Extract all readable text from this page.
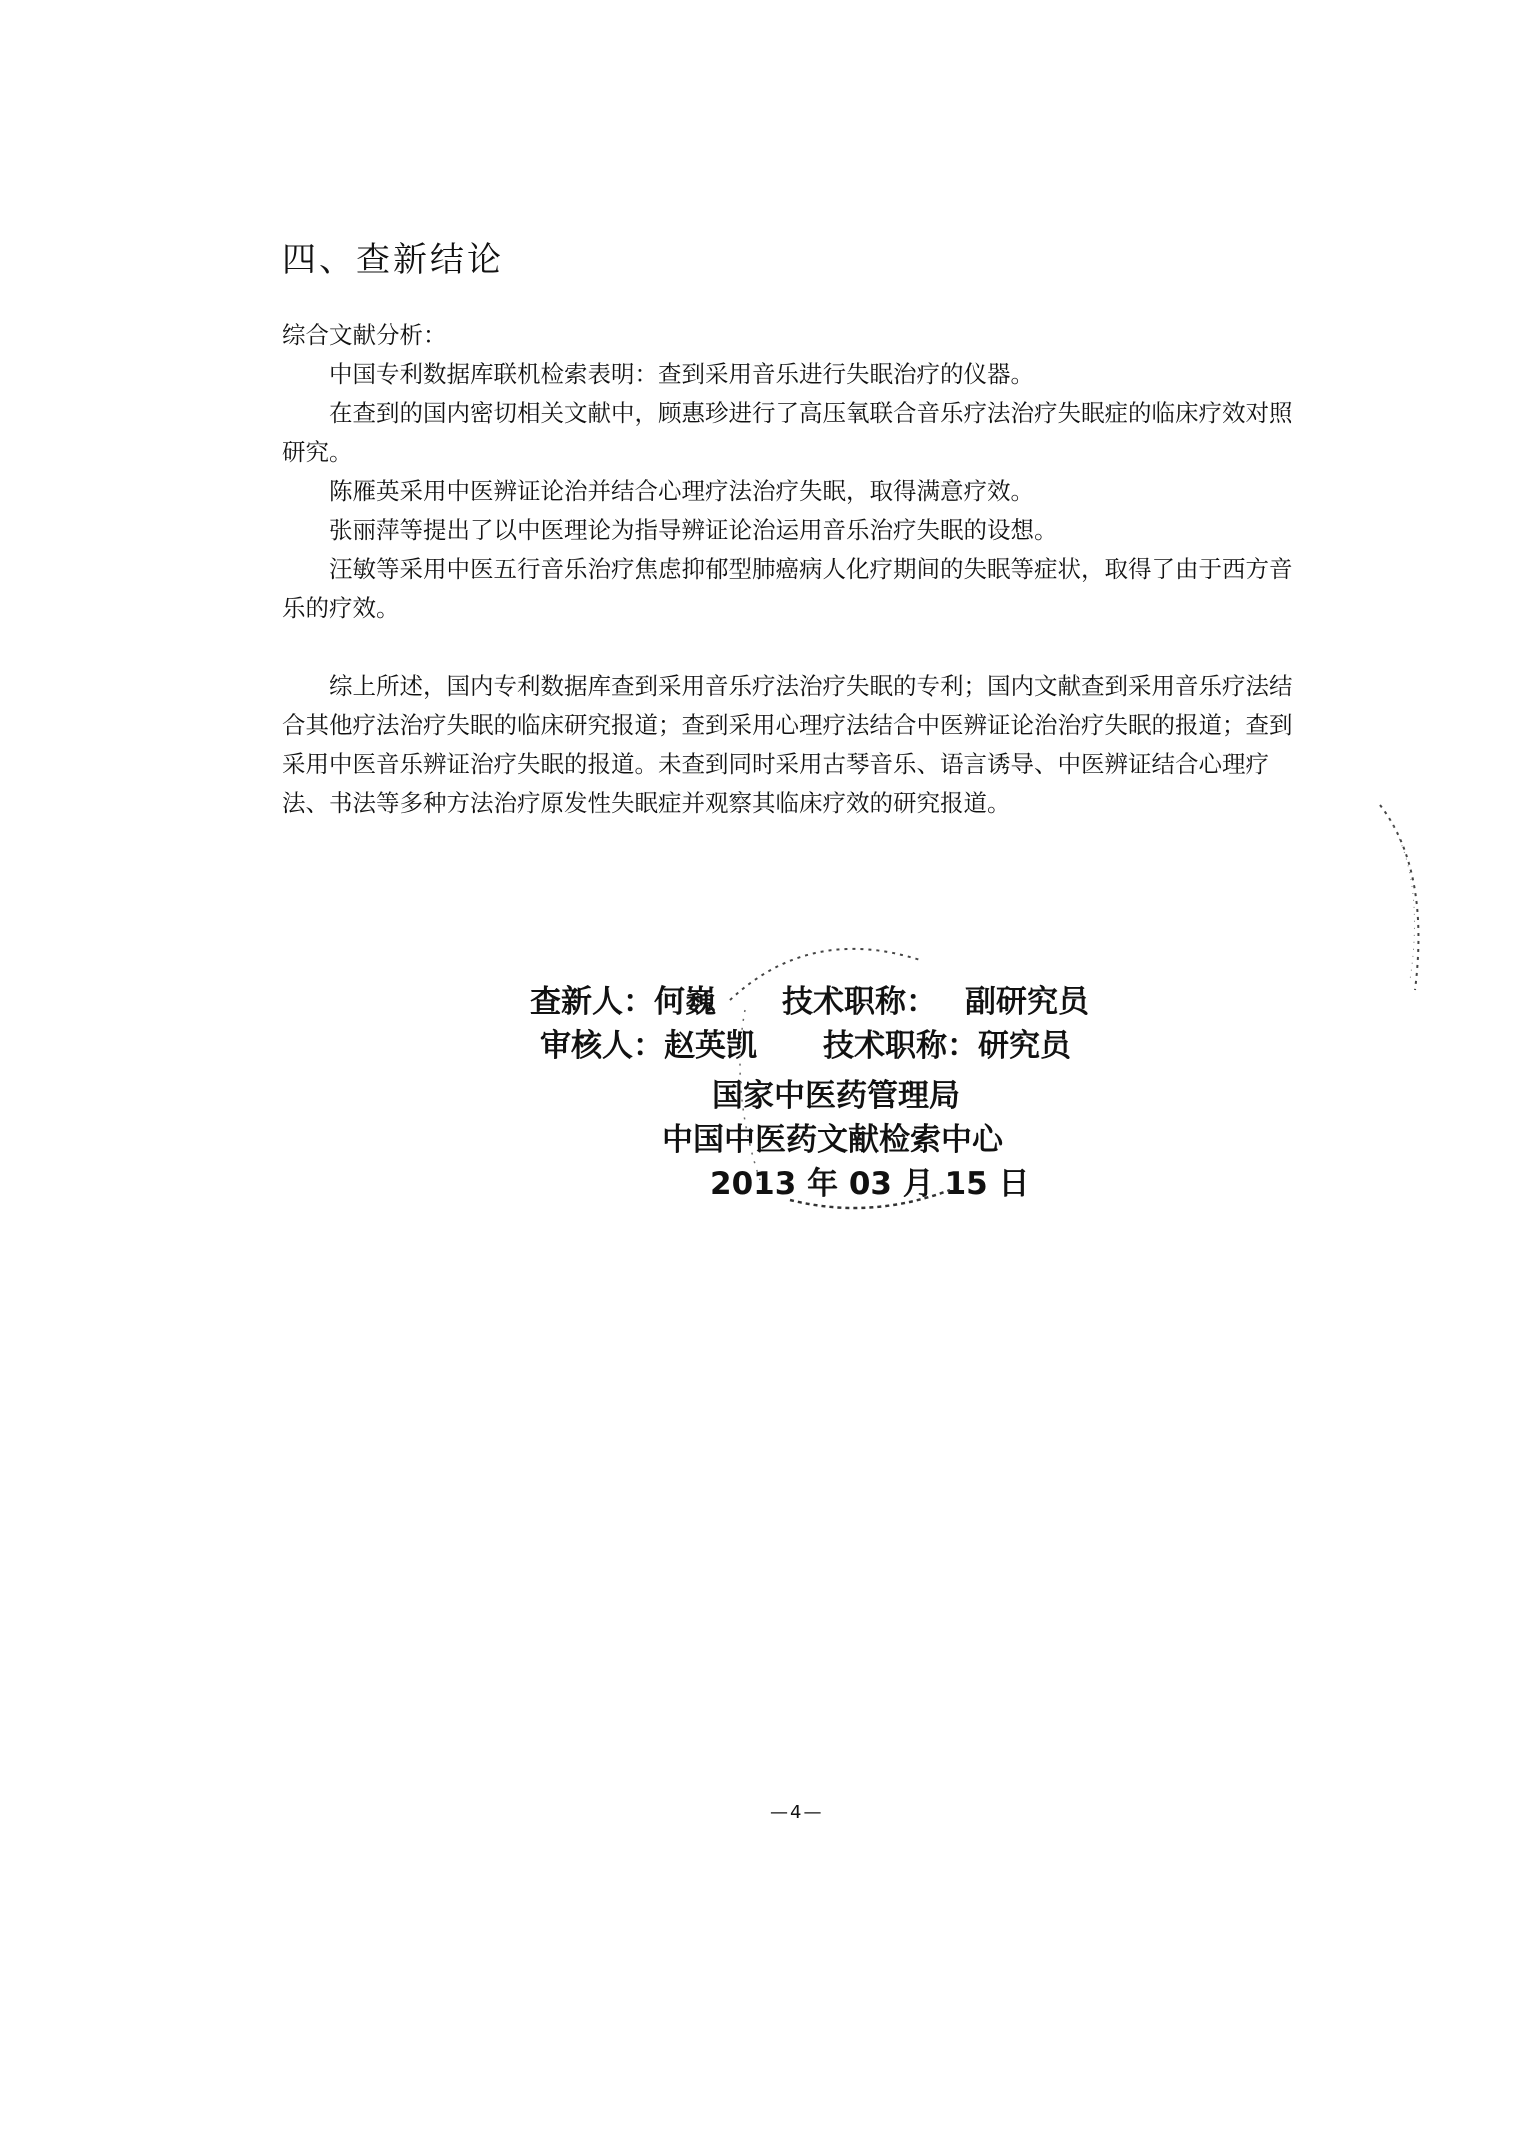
四、查新结论

综合文献分析：

中国专利数据库联机检索表明：查到采用音乐进行失眠治疗的仪器。

在查到的国内密切相关文献中，顾惠珍进行了高压氧联合音乐疗法治疗失眠症的临床疗效对照研究。

陈雁英采用中医辨证论治并结合心理疗法治疗失眠，取得满意疗效。

张丽萍等提出了以中医理论为指导辨证论治运用音乐治疗失眠的设想。

汪敏等采用中医五行音乐治疗焦虑抑郁型肺癌病人化疗期间的失眠等症状，取得了由于西方音乐的疗效。

综上所述，国内专利数据库查到采用音乐疗法治疗失眠的专利；国内文献查到采用音乐疗法结合其他疗法治疗失眠的临床研究报道；查到采用心理疗法结合中医辨证论治治疗失眠的报道；查到采用中医音乐辨证治疗失眠的报道。未查到同时采用古琴音乐、语言诱导、中医辨证结合心理疗法、书法等多种方法治疗原发性失眠症并观察其临床疗效的研究报道。

查新人：何巍 技术职称： 副研究员
审核人：赵英凯 技术职称：研究员
国家中医药管理局
中国中医药文献检索中心
2013 年 03 月 15 日
—4—
